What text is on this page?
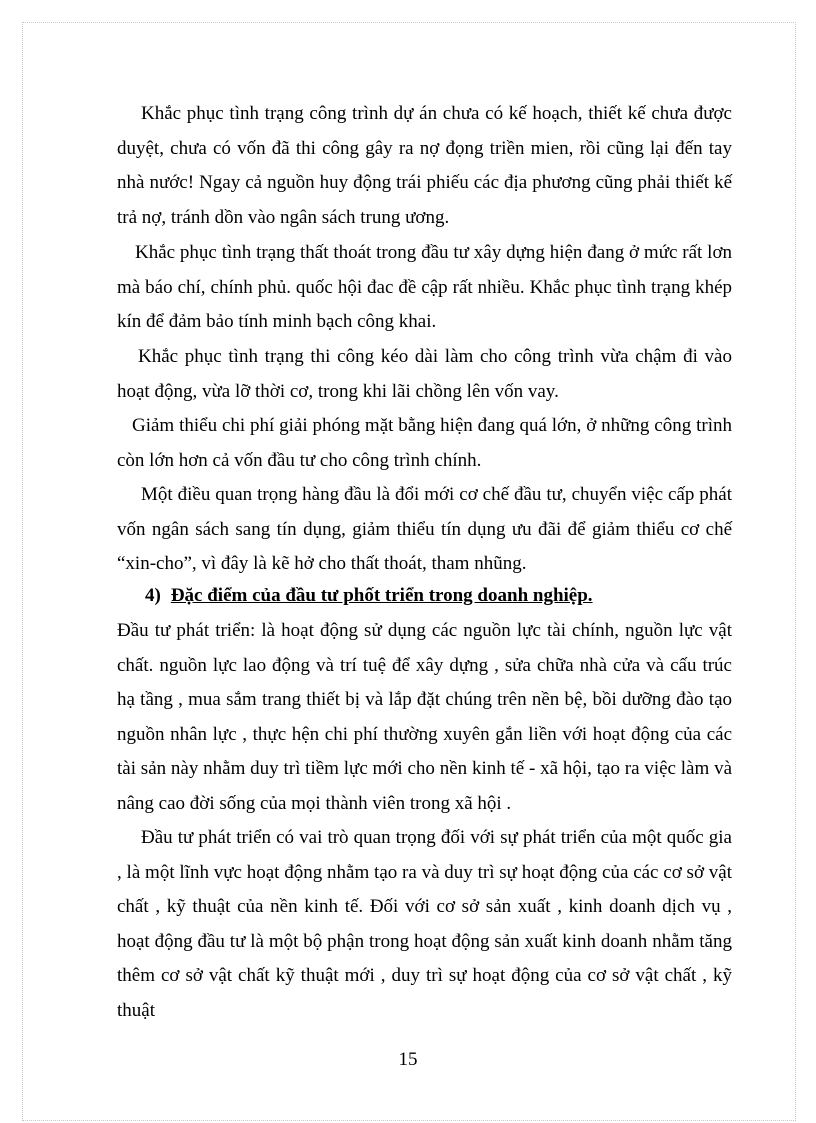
Khắc phục tình trạng công trình dự án chưa có kế hoạch, thiết kế chưa được duyệt, chưa có vốn đã thi công gây ra nợ đọng triền mien, rồi cũng lại đến tay nhà nước! Ngay cả nguồn huy động trái phiếu các địa phương cũng phải thiết kế trả nợ, tránh dồn vào ngân sách trung ương.

Khắc phục tình trạng thất thoát trong đầu tư xây dựng hiện đang ở mức rất lơn mà báo chí, chính phủ. quốc hội đac đề cập rất nhiều. Khắc phục tình trạng khép kín để đảm bảo tính minh bạch công khai.

Khắc phục tình trạng thi công kéo dài làm cho công trình vừa chậm đi vào hoạt động, vừa lỡ thời cơ, trong khi lãi chồng lên vốn vay.

Giảm thiểu chi phí giải phóng mặt bằng hiện đang quá lớn, ở những công trình còn lớn hơn cả vốn đầu tư cho công trình chính.

Một điều quan trọng hàng đầu là đổi mới cơ chế đầu tư, chuyển việc cấp phát vốn ngân sách sang tín dụng, giảm thiểu tín dụng ưu đãi để giảm thiểu cơ chế “xin-cho”, vì đây là kẽ hở cho thất thoát, tham nhũng.

4) Đặc điểm của đầu tư phốt triển trong doanh nghiệp.

Đầu tư phát triển: là hoạt động sử dụng các nguồn lực tài chính, nguồn lực vật chất. nguồn lực lao động và trí tuệ để xây dựng , sửa chữa nhà cửa và cấu trúc hạ tầng , mua sắm trang thiết bị và lắp đặt chúng trên nền bệ, bồi dưỡng đào tạo nguồn nhân lực , thực hện chi phí thường xuyên gắn liền với hoạt động của các tài sản này nhằm duy trì tiềm lực mới cho nền kinh tế - xã hội, tạo ra việc làm và nâng cao đời sống của mọi thành viên trong xã hội .

Đầu tư phát triển có vai trò quan trọng đối với sự phát triển của một quốc gia , là một lĩnh vực hoạt động nhằm tạo ra và duy trì sự hoạt động của các cơ sở vật chất , kỹ thuật của nền kinh tế. Đối với cơ sở sản xuất , kinh doanh dịch vụ , hoạt động đầu tư là một bộ phận trong hoạt động sản xuất kinh doanh nhằm tăng thêm cơ sở vật chất kỹ thuật mới , duy trì sự hoạt động của cơ sở vật chất , kỹ thuật

15
